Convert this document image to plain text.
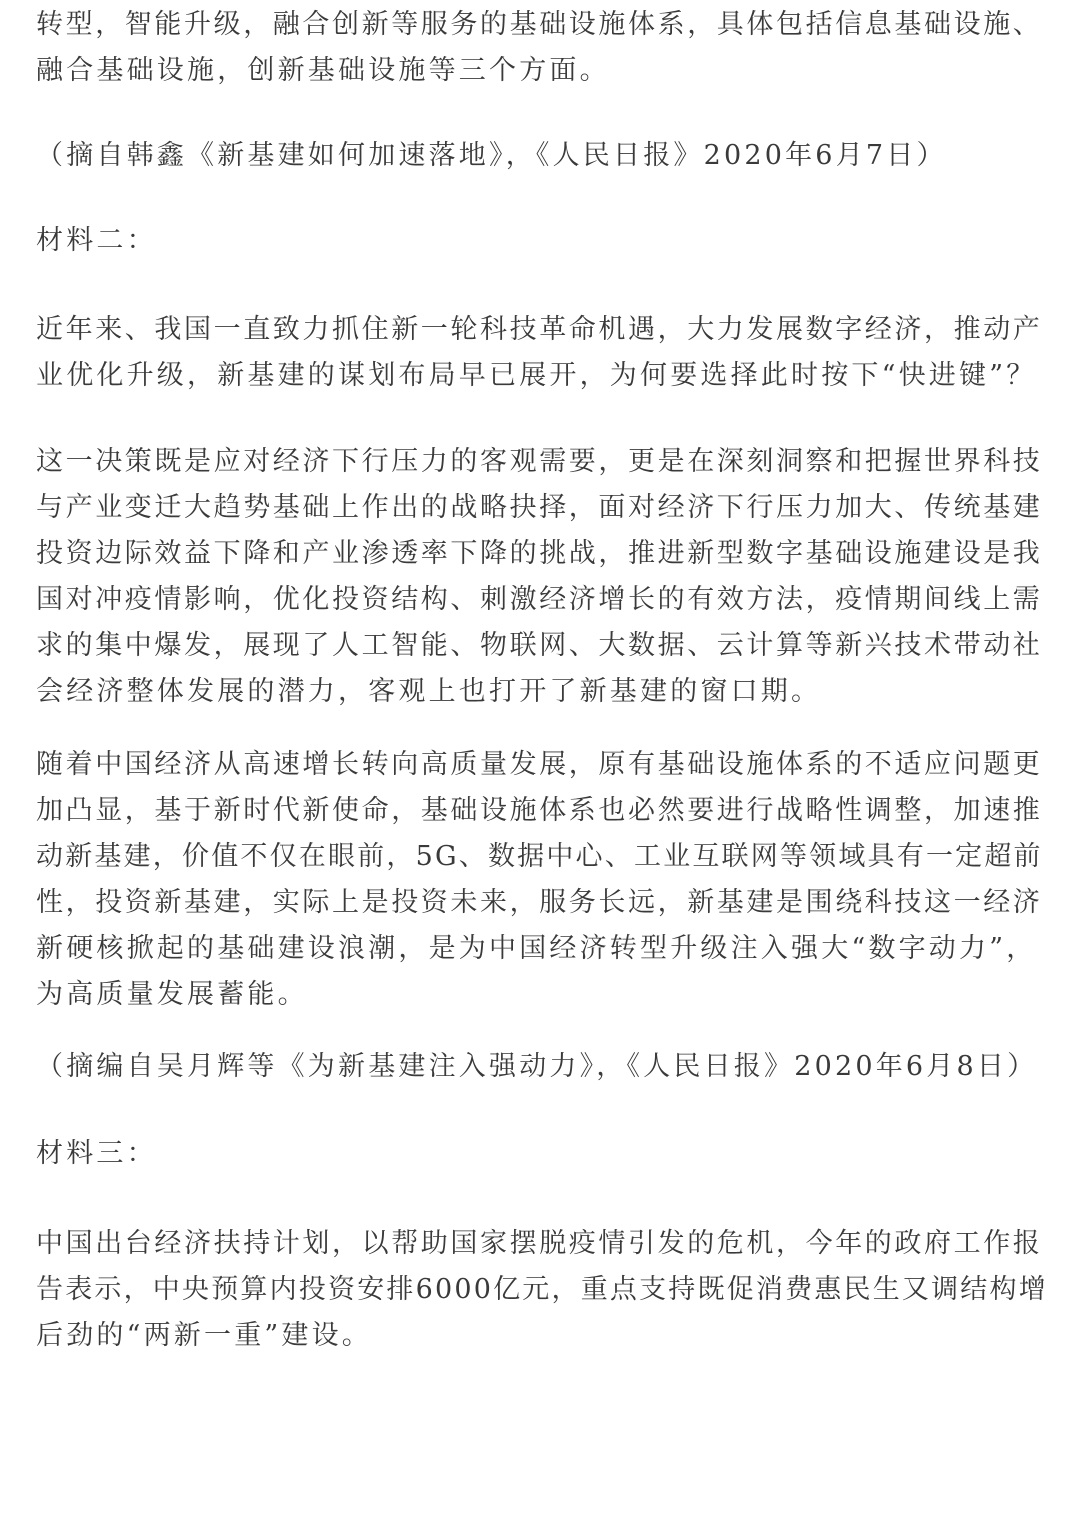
转型，智能升级，融合创新等服务的基础设施体系，具体包括信息基础设施、
融合基础设施，创新基础设施等三个方面。

（摘自韩鑫《新基建如何加速落地》，《人民日报》2020年6月7日）

材料二：

近年来、我国一直致力抓住新一轮科技革命机遇，大力发展数字经济，推动产
业优化升级，新基建的谋划布局早已展开，为何要选择此时按下“快进键”？

这一决策既是应对经济下行压力的客观需要，更是在深刻洞察和把握世界科技
与产业变迁大趋势基础上作出的战略抉择，面对经济下行压力加大、传统基建
投资边际效益下降和产业渗透率下降的挑战，推进新型数字基础设施建设是我
国对冲疫情影响，优化投资结构、刺激经济增长的有效方法，疫情期间线上需
求的集中爆发，展现了人工智能、物联网、大数据、云计算等新兴技术带动社
会经济整体发展的潜力，客观上也打开了新基建的窗口期。

随着中国经济从高速增长转向高质量发展，原有基础设施体系的不适应问题更
加凸显，基于新时代新使命，基础设施体系也必然要进行战略性调整，加速推
动新基建，价值不仅在眼前，5G、数据中心、工业互联网等领域具有一定超前
性，投资新基建，实际上是投资未来，服务长远，新基建是围绕科技这一经济
新硬核掀起的基础建设浪潮，是为中国经济转型升级注入强大“数字动力”，
为高质量发展蓄能。

（摘编自吴月辉等《为新基建注入强动力》，《人民日报》2020年6月8日）

材料三：

中国出台经济扶持计划，以帮助国家摆脱疫情引发的危机，今年的政府工作报
告表示，中央预算内投资安排6000亿元，重点支持既促消费惠民生又调结构增
后劲的“两新一重”建设。
